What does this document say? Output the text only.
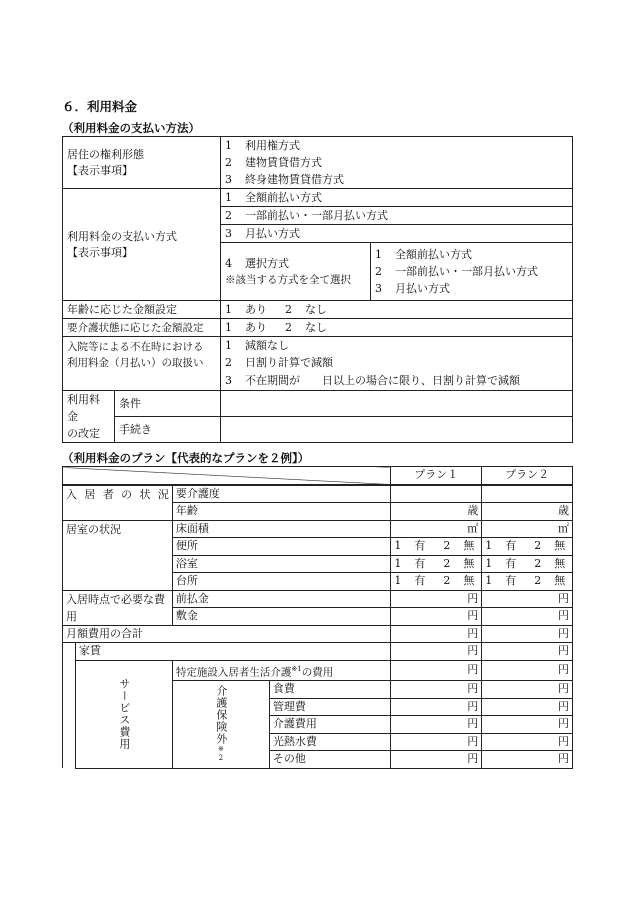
６．利用料金
（利用料金の支払い方法）
居住の権利形態
【表示事項】		1 利用権方式	
		2 建物賃貸借方式	
		3 終身建物賃貸借方式	

利用料金の支払い方式
【表示事項】		1 全額前払い方式	
		2 一部前払い・一部月払い方式	
		3 月払い方式	

		4 選択方式
※該当する方式を全て選択	1 全額前払い方式
			2 一部前払い・一部月払い方式
			3 月払い方式
年齢に応じた金額設定		1 あり 2 なし	
要介護状態に応じた金額設定		1 あり 2 なし	

入院等による不在時における
利用料金（月払い）の取扱い		1 減額なし	
		2 日割り計算で減額	
		3 不在期間が　　日以上の場合に限り、日割り計算で減額	

利用料金
の改定	条件		
	手続き		
（利用料金のプラン【代表的なプランを２例】）
				プラン１	プラン２

入居者の状況		要介護度			
		年齢		歳	歳
居室の状況		床面積		㎡	㎡
		便所		1 有 2 無	1 有 2 無
		浴室		1 有 2 無	1 有 2 無
		台所		1 有 2 無	1 有 2 無
入居時点で必要な費用		前払金		円	円
		敷金		円	円
月額費用の合計				円	円
	家賃			円	円
	サービス費用	特定施設入居者生活介護$^{※1}$の費用		円	円
		介護保険外※2	食費	円	円
			管理費	円	円
			介護費用	円	円
			光熱水費	円	円
			その他	円	円
